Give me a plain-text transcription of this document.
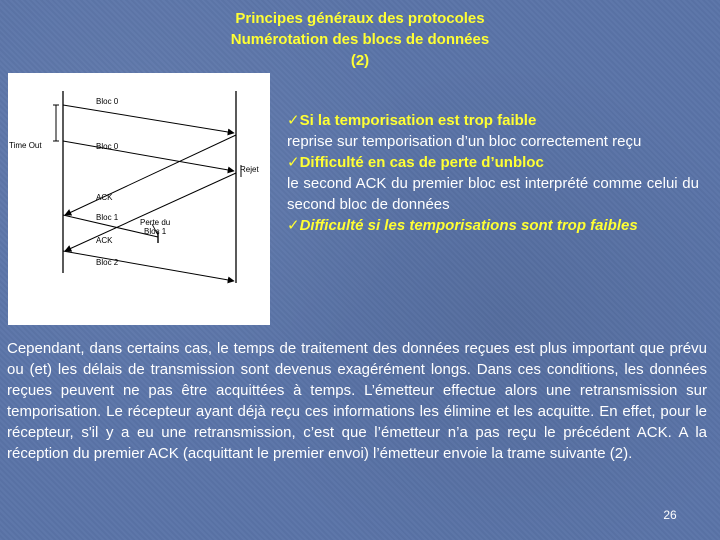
Principes généraux des protocoles
Numérotation des blocs de données
(2)
Bloc 0
Time Out	Bloc 0
Rejet
ACK
Bloc 1
Perte du
Bloc 1
ACK
Bloc 2
✓Si la temporisation est trop faible
reprise sur temporisation d’un bloc correctement reçu
✓Difficulté en cas de perte d’unbloc
le second ACK du premier bloc est interprété comme celui du second bloc de données
✓Difficulté si les temporisations sont trop faibles
Cependant, dans certains cas, le temps de traitement des données reçues est plus important que prévu ou (et) les délais de transmission sont devenus exagérément longs. Dans ces conditions, les données reçues peuvent ne pas être acquittées à temps. L’émetteur effectue alors une retransmission sur temporisation. Le récepteur ayant déjà reçu ces informations les élimine et les acquitte. En effet, pour le récepteur, s'il y a eu une retransmission, c’est que l’émetteur n’a pas reçu le précédent ACK. A la réception du premier ACK (acquittant le premier envoi) l’émetteur envoie la trame suivante (2).
26
